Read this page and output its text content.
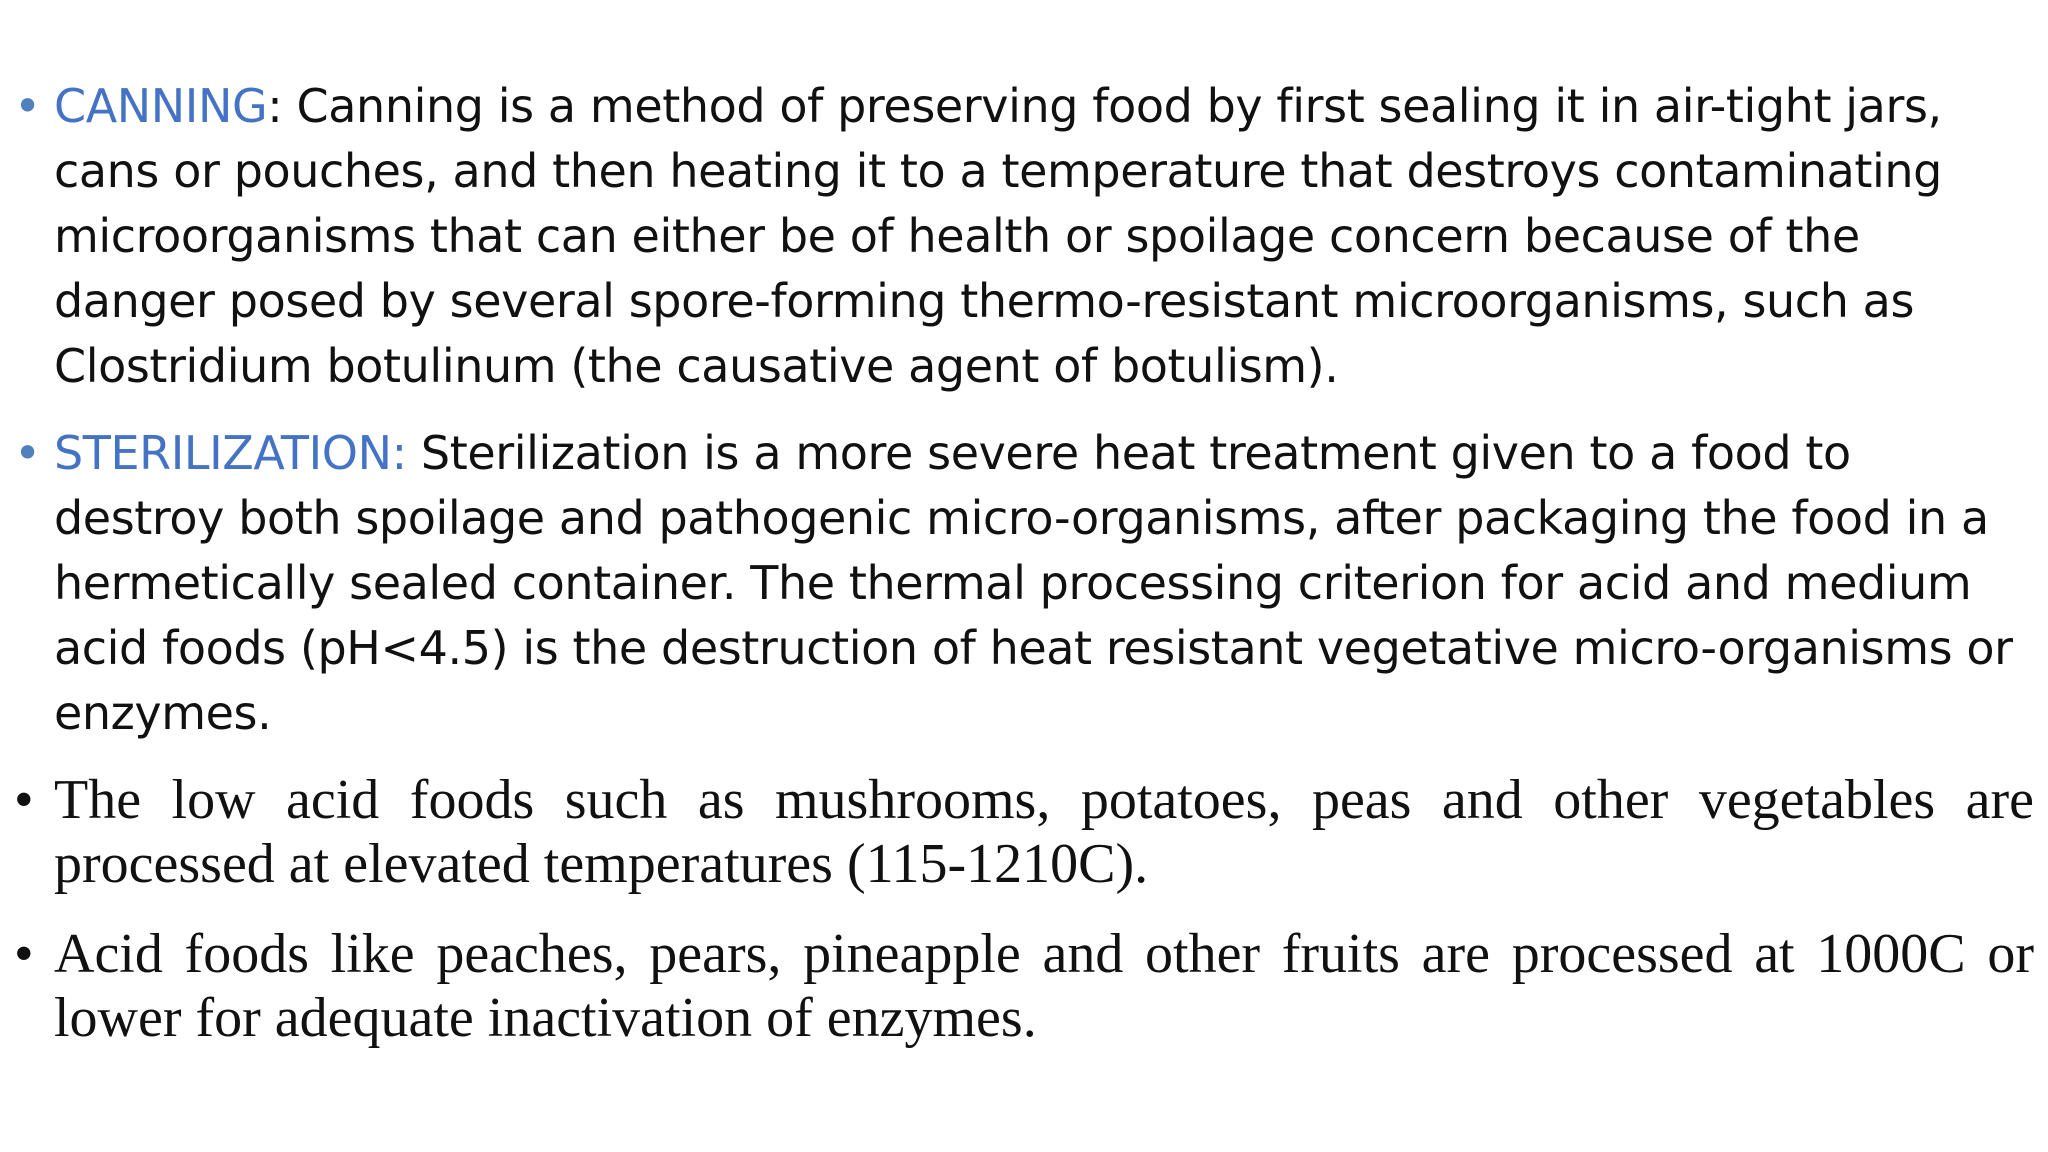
• CANNING: Canning is a method of preserving food by first sealing it in air-tight jars, cans or pouches, and then heating it to a temperature that destroys contaminating microorganisms that can either be of health or spoilage concern because of the danger posed by several spore-forming thermo-resistant microorganisms, such as Clostridium botulinum (the causative agent of botulism).
• STERILIZATION: Sterilization is a more severe heat treatment given to a food to destroy both spoilage and pathogenic micro-organisms, after packaging the food in a hermetically sealed container. The thermal processing criterion for acid and medium acid foods (pH<4.5) is the destruction of heat resistant vegetative micro-organisms or enzymes.
• The low acid foods such as mushrooms, potatoes, peas and other vegetables are processed at elevated temperatures (115-1210C).
• Acid foods like peaches, pears, pineapple and other fruits are processed at 1000C or lower for adequate inactivation of enzymes.
